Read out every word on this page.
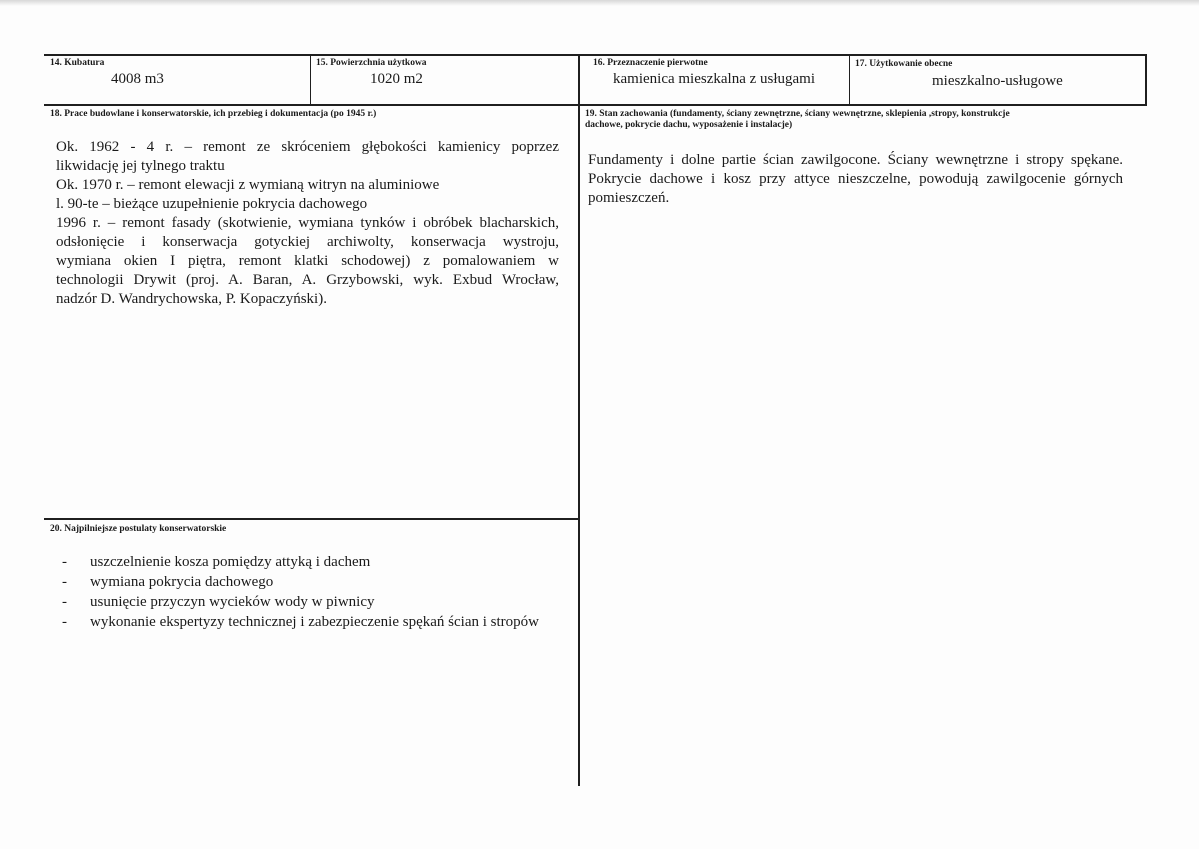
14. Kubatura
4008 m3
15. Powierzchnia użytkowa
1020 m2
16. Przeznaczenie pierwotne
kamienica mieszkalna z usługami
17. Użytkowanie obecne
mieszkalno-usługowe
18. Prace budowlane i konserwatorskie, ich przebieg i dokumentacja (po 1945 r.)
Ok. 1962 - 4 r. – remont ze skróceniem głębokości kamienicy poprzez
likwidację jej tylnego traktu
Ok. 1970 r. – remont elewacji z wymianą witryn na aluminiowe
l. 90-te – bieżące uzupełnienie pokrycia dachowego
1996 r. – remont fasady (skotwienie, wymiana tynków i obróbek blacharskich,
odsłonięcie i konserwacja gotyckiej archiwolty, konserwacja wystroju,
wymiana okien I piętra, remont klatki schodowej) z pomalowaniem w
technologii Drywit (proj. A. Baran, A. Grzybowski, wyk. Exbud Wrocław,
nadzór D. Wandrychowska, P. Kopaczyński).
19. Stan zachowania (fundamenty, ściany zewnętrzne, ściany wewnętrzne, sklepienia ,stropy, konstrukcje
dachowe, pokrycie dachu, wyposażenie i instalacje)
Fundamenty i dolne partie ścian zawilgocone. Ściany wewnętrzne i stropy spękane.
Pokrycie dachowe i kosz przy attyce nieszczelne, powodują zawilgocenie górnych
pomieszczeń.
20. Najpilniejsze postulaty konserwatorskie
- uszczelnienie kosza pomiędzy attyką i dachem
- wymiana pokrycia dachowego
- usunięcie przyczyn wycieków wody w piwnicy
- wykonanie ekspertyzy technicznej i zabezpieczenie spękań ścian i stropów
